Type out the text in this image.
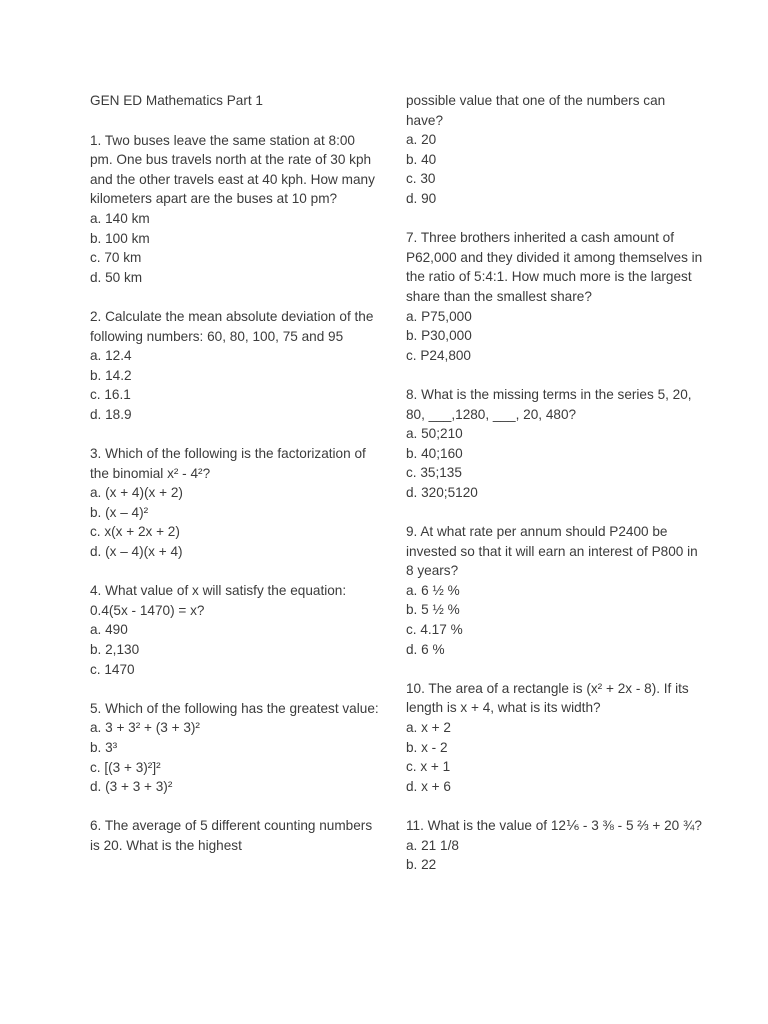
GEN ED Mathematics Part 1

1. Two buses leave the same station at 8:00 pm. One bus travels north at the rate of 30 kph and the other travels east at 40 kph. How many kilometers apart are the buses at 10 pm?

a. 140 km
b. 100 km
c. 70 km
d. 50 km

2. Calculate the mean absolute deviation of the following numbers: 60, 80, 100, 75 and 95

a. 12.4
b. 14.2
c. 16.1
d. 18.9

3. Which of the following is the factorization of the binomial x² - 4²?

a. (x + 4)(x + 2)
b. (x – 4)²
c. x(x + 2x + 2)
d. (x – 4)(x + 4)

4. What value of x will satisfy the equation: 0.4(5x - 1470) = x?

a. 490
b. 2,130
c. 1470

5. Which of the following has the greatest value:

a. 3 + 3² + (3 + 3)²
b. 3³
c. [(3 + 3)²]²
d. (3 + 3 + 3)²

6. The average of 5 different counting numbers is 20. What is the highest

possible value that one of the numbers can have?

a. 20
b. 40
c. 30
d. 90

7. Three brothers inherited a cash amount of P62,000 and they divided it among themselves in the ratio of 5:4:1. How much more is the largest share than the smallest share?

a. P75,000
b. P30,000
c. P24,800

8. What is the missing terms in the series 5, 20, 80, ___,1280, ___, 20, 480?

a. 50;210
b. 40;160
c. 35;135
d. 320;5120

9. At what rate per annum should P2400 be invested so that it will earn an interest of P800 in 8 years?

a. 6 ½ %
b. 5 ½ %
c. 4.17 %
d. 6 %

10. The area of a rectangle is (x² + 2x - 8). If its length is x + 4, what is its width?

a. x + 2
b. x - 2
c. x + 1
d. x + 6

11. What is the value of 12⅙ - 3 ⅜ - 5 ⅔ + 20 ¾?

a. 21 1/8
b. 22
